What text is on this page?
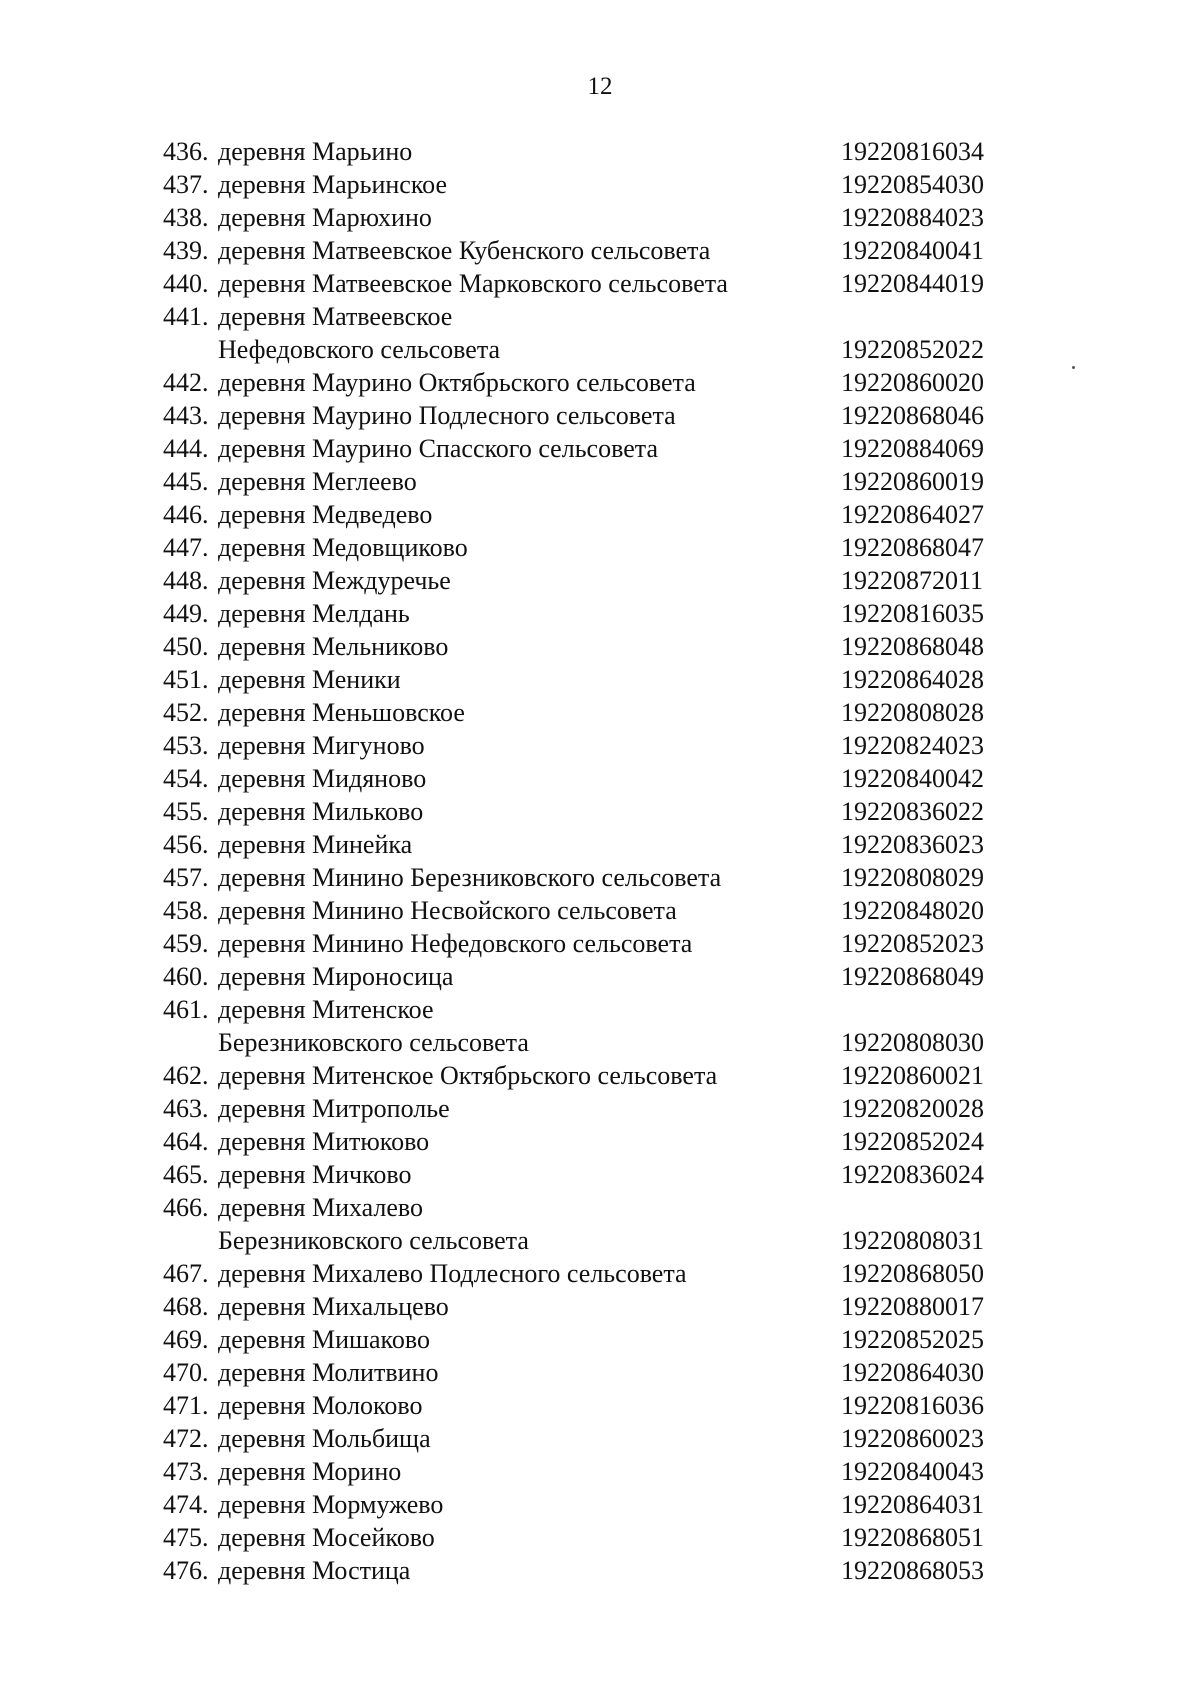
12
436. деревня Марьино	19220816034
437. деревня Марьинское	19220854030
438. деревня Марюхино	19220884023
439. деревня Матвеевское Кубенского сельсовета	19220840041
440. деревня Матвеевское Марковского сельсовета	19220844019
441. деревня Матвеевское
Нефедовского сельсовета	19220852022
442. деревня Маурино Октябрьского сельсовета	19220860020
443. деревня Маурино Подлесного сельсовета	19220868046
444. деревня Маурино Спасского сельсовета	19220884069
445. деревня Меглеево	19220860019
446. деревня Медведево	19220864027
447. деревня Медовщиково	19220868047
448. деревня Междуречье	19220872011
449. деревня Мелдань	19220816035
450. деревня Мельниково	19220868048
451. деревня Меники	19220864028
452. деревня Меньшовское	19220808028
453. деревня Мигуново	19220824023
454. деревня Мидяново	19220840042
455. деревня Мильково	19220836022
456. деревня Минейка	19220836023
457. деревня Минино Березниковского сельсовета	19220808029
458. деревня Минино Несвойского сельсовета	19220848020
459. деревня Минино Нефедовского сельсовета	19220852023
460. деревня Мироносица	19220868049
461. деревня Митенское
Березниковского сельсовета	19220808030
462. деревня Митенское Октябрьского сельсовета	19220860021
463. деревня Митрополье	19220820028
464. деревня Митюково	19220852024
465. деревня Мичково	19220836024
466. деревня Михалево
Березниковского сельсовета	19220808031
467. деревня Михалево Подлесного сельсовета	19220868050
468. деревня Михальцево	19220880017
469. деревня Мишаково	19220852025
470. деревня Молитвино	19220864030
471. деревня Молоково	19220816036
472. деревня Мольбища	19220860023
473. деревня Морино	19220840043
474. деревня Мормужево	19220864031
475. деревня Мосейково	19220868051
476. деревня Мостица	19220868053
